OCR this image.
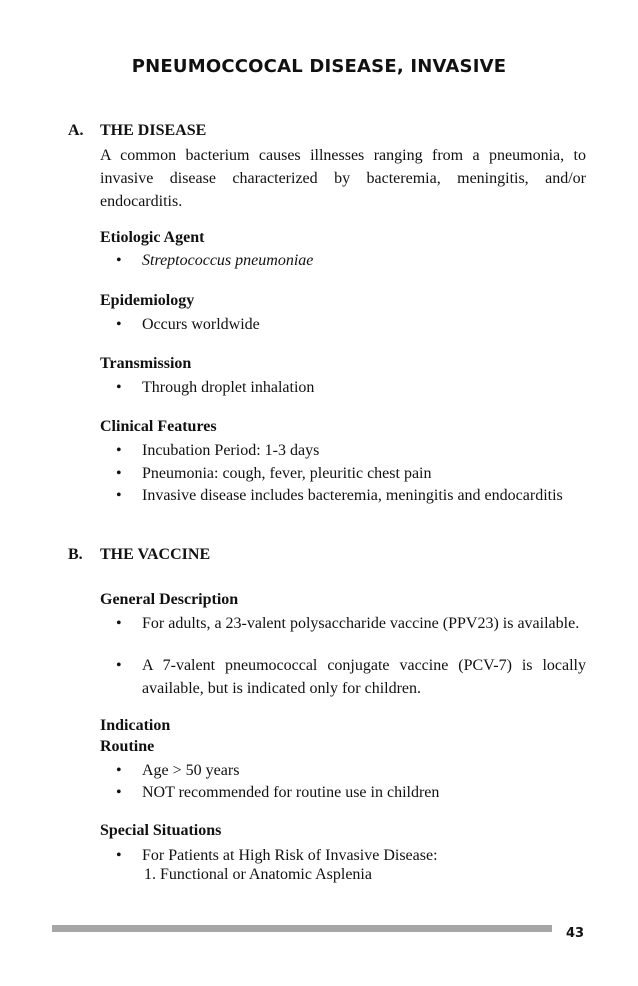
PNEUMOCCOCAL DISEASE, INVASIVE
A. THE DISEASE
A common bacterium causes illnesses ranging from a pneumonia, to invasive disease characterized by bacteremia, meningitis, and/or endocarditis.
Etiologic Agent
• Streptococcus pneumoniae
Epidemiology
• Occurs worldwide
Transmission
• Through droplet inhalation
Clinical Features
• Incubation Period: 1-3 days
• Pneumonia: cough, fever, pleuritic chest pain
• Invasive disease includes bacteremia, meningitis and endocarditis
B. THE VACCINE
General Description
• For adults, a 23-valent polysaccharide vaccine (PPV23) is available.
• A 7-valent pneumococcal conjugate vaccine (PCV-7) is locally available, but is indicated only for children.
Indication
Routine
• Age > 50 years
• NOT recommended for routine use in children
Special Situations
• For Patients at High Risk of Invasive Disease:
1. Functional or Anatomic Asplenia
43
